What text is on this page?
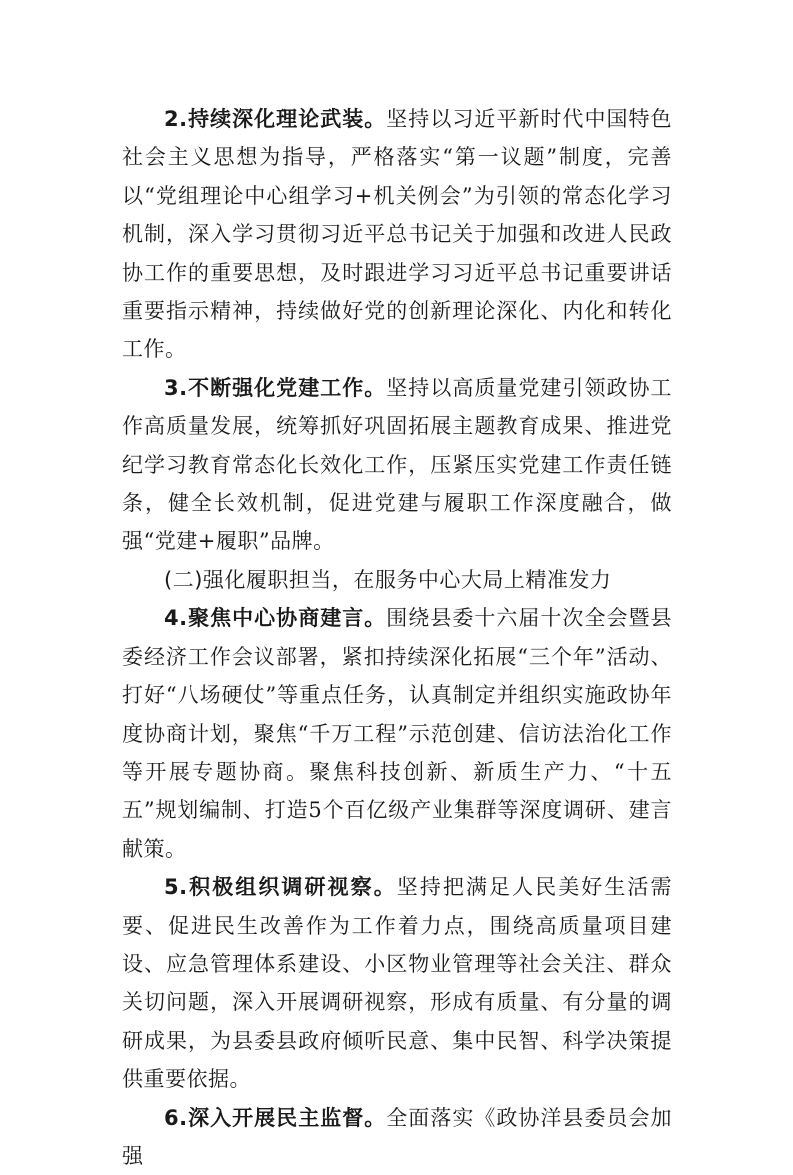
2.持续深化理论武装。坚持以习近平新时代中国特色社会主义思想为指导，严格落实“第一议题”制度，完善以“党组理论中心组学习+机关例会”为引领的常态化学习机制，深入学习贯彻习近平总书记关于加强和改进人民政协工作的重要思想，及时跟进学习习近平总书记重要讲话重要指示精神，持续做好党的创新理论深化、内化和转化工作。

3.不断强化党建工作。坚持以高质量党建引领政协工作高质量发展，统筹抓好巩固拓展主题教育成果、推进党纪学习教育常态化长效化工作，压紧压实党建工作责任链条，健全长效机制，促进党建与履职工作深度融合，做强“党建+履职”品牌。

(二)强化履职担当，在服务中心大局上精准发力

4.聚焦中心协商建言。围绕县委十六届十次全会暨县委经济工作会议部署，紧扣持续深化拓展“三个年”活动、打好“八场硬仗”等重点任务，认真制定并组织实施政协年度协商计划，聚焦“千万工程”示范创建、信访法治化工作等开展专题协商。聚焦科技创新、新质生产力、“十五五”规划编制、打造5个百亿级产业集群等深度调研、建言献策。

5.积极组织调研视察。坚持把满足人民美好生活需要、促进民生改善作为工作着力点，围绕高质量项目建设、应急管理体系建设、小区物业管理等社会关注、群众关切问题，深入开展调研视察，形成有质量、有分量的调研成果，为县委县政府倾听民意、集中民智、科学决策提供重要依据。

6.深入开展民主监督。全面落实《政协洋县委员会加强
